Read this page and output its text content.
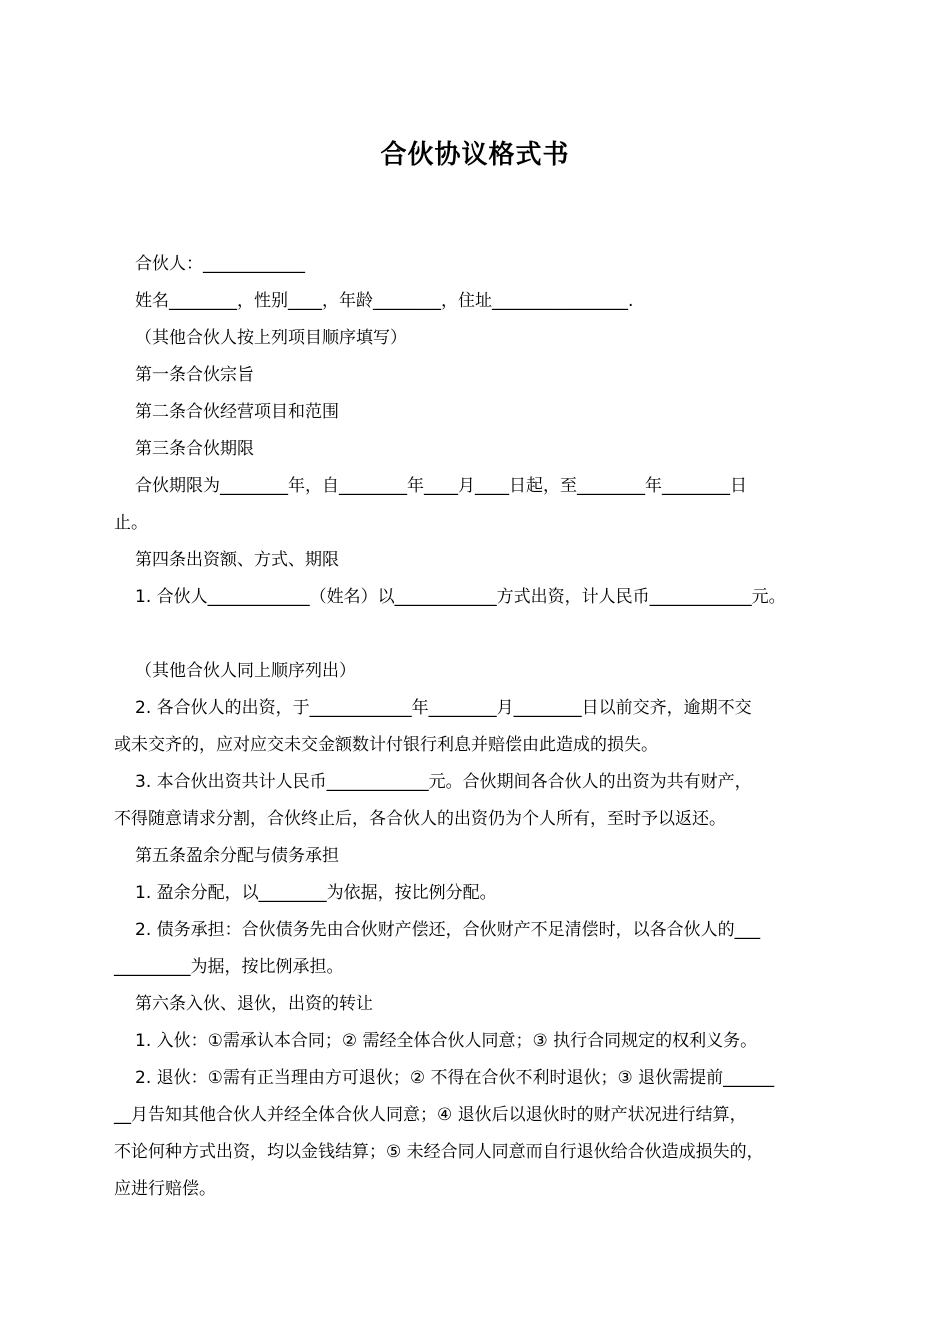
合伙协议格式书
合伙人：____________
姓名________，性别____，年龄________，住址________________.
（其他合伙人按上列项目顺序填写）
第一条合伙宗旨
第二条合伙经营项目和范围
第三条合伙期限
合伙期限为________年，自________年____月____日起，至________年________日
止。
第四条出资额、方式、期限
1. 合伙人____________（姓名）以____________方式出资，计人民币____________元。
（其他合伙人同上顺序列出）
2. 各合伙人的出资，于____________年________月________日以前交齐，逾期不交
或未交齐的，应对应交未交金额数计付银行利息并赔偿由此造成的损失。
3. 本合伙出资共计人民币____________元。合伙期间各合伙人的出资为共有财产，
不得随意请求分割，合伙终止后，各合伙人的出资仍为个人所有，至时予以返还。
第五条盈余分配与债务承担
1. 盈余分配，以________为依据，按比例分配。
2. 债务承担：合伙债务先由合伙财产偿还，合伙财产不足清偿时，以各合伙人的___
_________为据，按比例承担。
第六条入伙、退伙，出资的转让
1. 入伙：①需承认本合同；② 需经全体合伙人同意；③ 执行合同规定的权利义务。
2. 退伙：①需有正当理由方可退伙；② 不得在合伙不利时退伙；③ 退伙需提前______
__月告知其他合伙人并经全体合伙人同意；④ 退伙后以退伙时的财产状况进行结算，
不论何种方式出资，均以金钱结算；⑤ 未经合同人同意而自行退伙给合伙造成损失的，
应进行赔偿。
